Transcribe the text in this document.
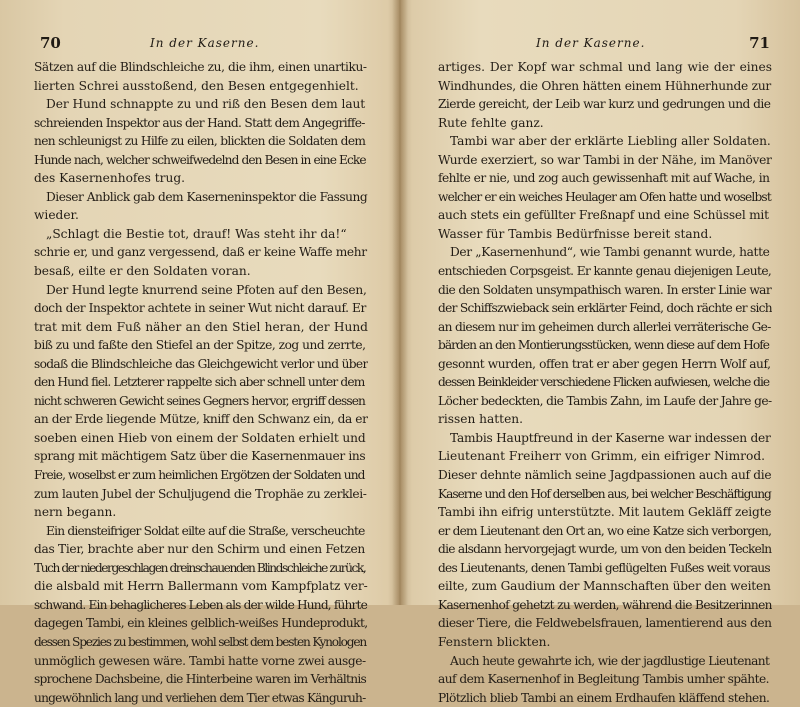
70	In der Kaserne.
Sätzen auf die Blindschleiche zu, die ihm, einen unartiku-
lierten Schrei ausstoßend, den Besen entgegenhielt.
Der Hund schnappte zu und riß den Besen dem laut
schreienden Inspektor aus der Hand. Statt dem Angegriffe-
nen schleunigst zu Hilfe zu eilen, blickten die Soldaten dem
Hunde nach, welcher schweifwedelnd den Besen in eine Ecke
des Kasernenhofes trug.
Dieser Anblick gab dem Kaserneninspektor die Fassung
wieder.
„Schlagt die Bestie tot, drauf! Was steht ihr da!“
schrie er, und ganz vergessend, daß er keine Waffe mehr
besaß, eilte er den Soldaten voran.
Der Hund legte knurrend seine Pfoten auf den Besen,
doch der Inspektor achtete in seiner Wut nicht darauf. Er
trat mit dem Fuß näher an den Stiel heran, der Hund
biß zu und faßte den Stiefel an der Spitze, zog und zerrte,
sodaß die Blindschleiche das Gleichgewicht verlor und über
den Hund fiel. Letzterer rappelte sich aber schnell unter dem
nicht schweren Gewicht seines Gegners hervor, ergriff dessen
an der Erde liegende Mütze, kniff den Schwanz ein, da er
soeben einen Hieb von einem der Soldaten erhielt und
sprang mit mächtigem Satz über die Kasernenmauer ins
Freie, woselbst er zum heimlichen Ergötzen der Soldaten und
zum lauten Jubel der Schuljugend die Trophäe zu zerklei-
nern begann.
Ein diensteifriger Soldat eilte auf die Straße, verscheuchte
das Tier, brachte aber nur den Schirm und einen Fetzen
Tuch der niedergeschlagen dreinschauenden Blindschleiche zurück,
die alsbald mit Herrn Ballermann vom Kampfplatz ver-
schwand. Ein behaglicheres Leben als der wilde Hund, führte
dagegen Tambi, ein kleines gelblich-weißes Hundeprodukt,
dessen Spezies zu bestimmen, wohl selbst dem besten Kynologen
unmöglich gewesen wäre. Tambi hatte vorne zwei ausge-
sprochene Dachsbeine, die Hinterbeine waren im Verhältnis
ungewöhnlich lang und verliehen dem Tier etwas Känguruh-
In der Kaserne.	71
artiges. Der Kopf war schmal und lang wie der eines
Windhundes, die Ohren hätten einem Hühnerhunde zur
Zierde gereicht, der Leib war kurz und gedrungen und die
Rute fehlte ganz.
Tambi war aber der erklärte Liebling aller Soldaten.
Wurde exerziert, so war Tambi in der Nähe, im Manöver
fehlte er nie, und zog auch gewissenhaft mit auf Wache, in
welcher er ein weiches Heulager am Ofen hatte und woselbst
auch stets ein gefüllter Freßnapf und eine Schüssel mit
Wasser für Tambis Bedürfnisse bereit stand.
Der „Kasernenhund“, wie Tambi genannt wurde, hatte
entschieden Corpsgeist. Er kannte genau diejenigen Leute,
die den Soldaten unsympathisch waren. In erster Linie war
der Schiffszwieback sein erklärter Feind, doch rächte er sich
an diesem nur im geheimen durch allerlei verräterische Ge-
bärden an den Montierungsstücken, wenn diese auf dem Hofe
gesonnt wurden, offen trat er aber gegen Herrn Wolf auf,
dessen Beinkleider verschiedene Flicken aufwiesen, welche die
Löcher bedeckten, die Tambis Zahn, im Laufe der Jahre ge-
rissen hatten.
Tambis Hauptfreund in der Kaserne war indessen der
Lieutenant Freiherr von Grimm, ein eifriger Nimrod.
Dieser dehnte nämlich seine Jagdpassionen auch auf die
Kaserne und den Hof derselben aus, bei welcher Beschäftigung
Tambi ihn eifrig unterstützte. Mit lautem Gekläff zeigte
er dem Lieutenant den Ort an, wo eine Katze sich verborgen,
die alsdann hervorgejagt wurde, um von den beiden Teckeln
des Lieutenants, denen Tambi geflügelten Fußes weit voraus
eilte, zum Gaudium der Mannschaften über den weiten
Kasernenhof gehetzt zu werden, während die Besitzerinnen
dieser Tiere, die Feldwebelsfrauen, lamentierend aus den
Fenstern blickten.
Auch heute gewahrte ich, wie der jagdlustige Lieutenant
auf dem Kasernenhof in Begleitung Tambis umher spähte.
Plötzlich blieb Tambi an einem Erdhaufen kläffend stehen.
